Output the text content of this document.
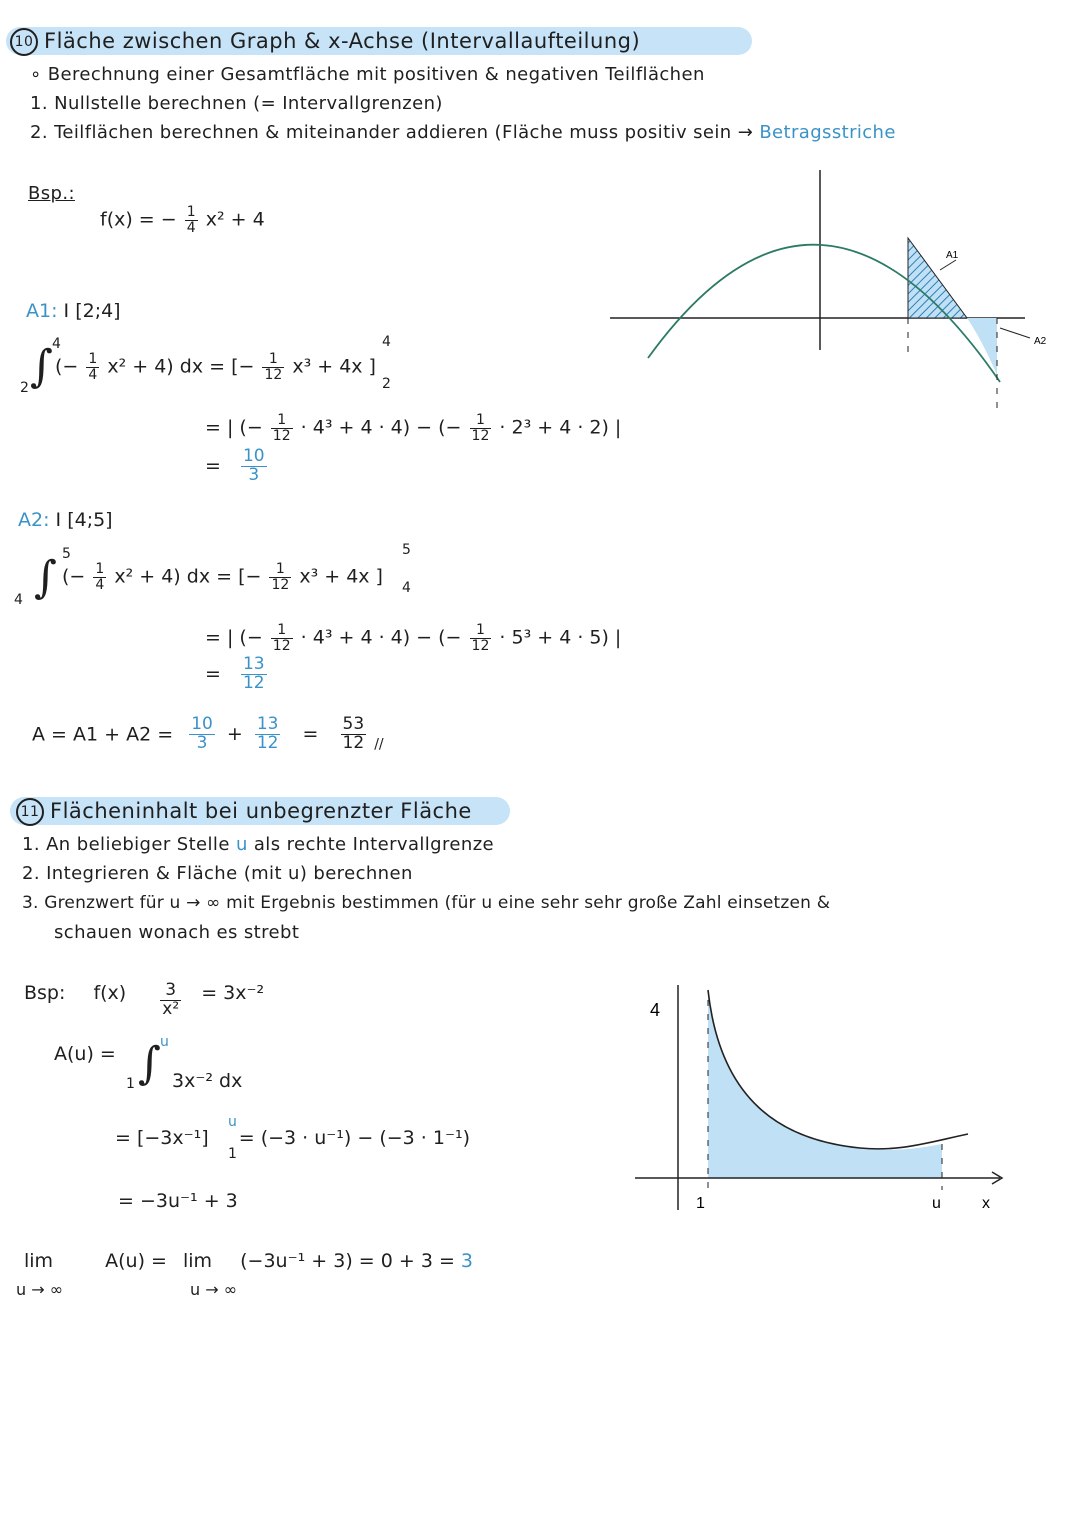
10 Fläche zwischen Graph & x-Achse (Intervallaufteilung)
∘ Berechnung einer Gesamtfläche mit positiven & negativen Teilflächen
1. Nullstelle berechnen (= Intervallgrenzen)
2. Teilflächen berechnen & miteinander addieren (Fläche muss positiv sein → Betragsstriche
Bsp.:
f(x) = − $\frac{1}{4} x^2 + 4$
A1: I [2;4]
4
2 ∫ (− $\frac{1}{4} x^2 + 4$) dx = [− $\frac{1}{12} x^3 + 4x$ ]
4
2
= | (− $\frac{1}{12} \cdot 4^3 + 4 \cdot 4$) − (− $\frac{1}{12} \cdot 2^3 + 4 \cdot 2$) |
= $\frac{10}{3}$
A2: I [4;5]
5
4 ∫ (− $\frac{1}{4} x^2 + 4$) dx = [− $\frac{1}{12} x^3 + 4x$ ]
5
4
= | (− $\frac{1}{12} \cdot 4^3 + 4 \cdot 4$) − (− $\frac{1}{12} \cdot 5^3 + 4 \cdot 5$) |
= $\frac{13}{12}$
$A = A1 + A2 = \frac{10}{3} + \frac{13}{12} = \frac{53}{12}$ //
A1
A2
11 Flächeninhalt bei unbegrenzter Fläche
1. An beliebiger Stelle u als rechte Intervallgrenze
2. Integrieren & Fläche (mit u) berechnen
3. Grenzwert für u → ∞ mit Ergebnis bestimmen (für u eine sehr sehr große Zahl einsetzen &
schauen wonach es strebt
Bsp: $f(x) \frac{3}{\text{x²}} = 3x^{-2}$
A(u) =
u
1 ∫ 3x⁻² dx
= [−3x⁻¹] = (−3 · u⁻¹) − (−3 · 1⁻¹)
u
1
= −3u⁻¹ + 3
lim	A(u) = lim (−3u⁻¹ + 3) = 0 + 3 = 3
u → ∞	u → ∞
4
1	u	x
